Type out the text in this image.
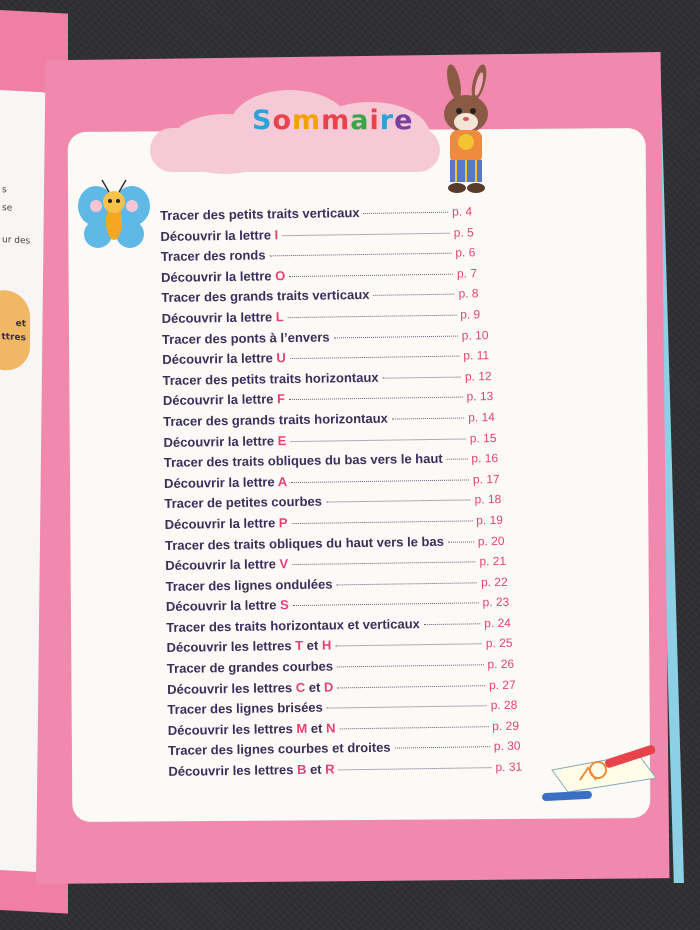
s
se
ur des
et
ttres
Sommaire
Tracer des petits traits verticaux	p. 4
Découvrir la lettre I	p. 5
Tracer des ronds	p. 6
Découvrir la lettre O	p. 7
Tracer des grands traits verticaux	p. 8
Découvrir la lettre L	p. 9
Tracer des ponts à l’envers	p. 10
Découvrir la lettre U	p. 11
Tracer des petits traits horizontaux	p. 12
Découvrir la lettre F	p. 13
Tracer des grands traits horizontaux	p. 14
Découvrir la lettre E	p. 15
Tracer des traits obliques du bas vers le haut p. 16
Découvrir la lettre A	p. 17
Tracer de petites courbes	p. 18
Découvrir la lettre P	p. 19
Tracer des traits obliques du haut vers le bas	p. 20
Découvrir la lettre V	p. 21
Tracer des lignes ondulées	p. 22
Découvrir la lettre S	p. 23
Tracer des traits horizontaux et verticaux	p. 24
Découvrir les lettres T et H	p. 25
Tracer de grandes courbes	p. 26
Découvrir les lettres C et D	p. 27
Tracer des lignes brisées	p. 28
Découvrir les lettres M et N	p. 29
Tracer des lignes courbes et droites	p. 30
Découvrir les lettres B et R	p. 31
